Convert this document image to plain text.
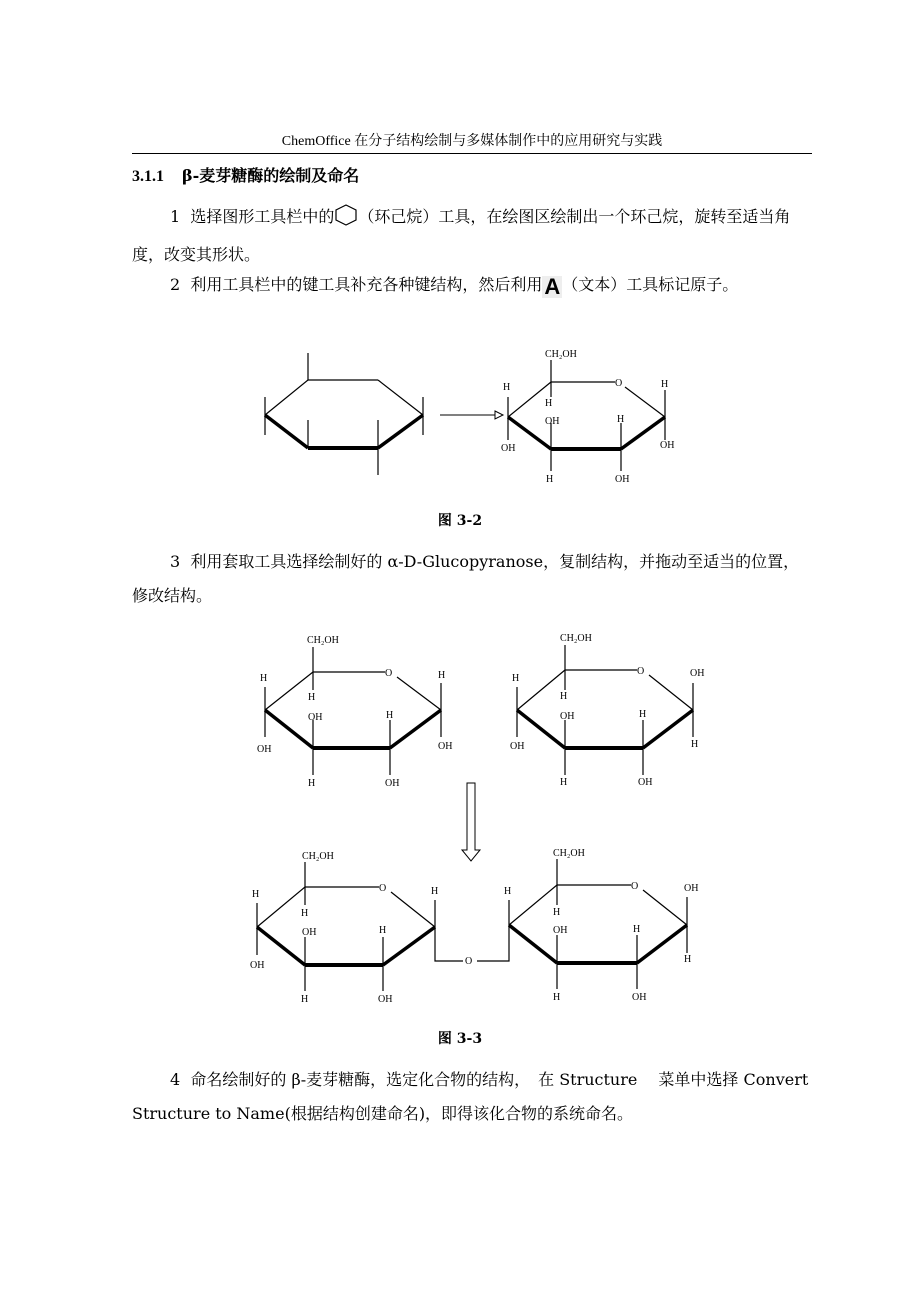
ChemOffice 在分子结构绘制与多媒体制作中的应用研究与实践
3.1.1 β-麦芽糖酶的绘制及命名
1 选择图形工具栏中的 （环己烷）工具，在绘图区绘制出一个环己烷，旋转至适当角度，改变其形状。
2 利用工具栏中的键工具补充各种键结构，然后利用A （文本）工具标记原子。
CH₂OH
O
H
H
OH	H
H
OH	OH
H	OH
图 3-2
3 利用套取工具选择绘制好的 α-D-Glucopyranose，复制结构，并拖动至适当的位置，修改结构。
CH₂OH
O
H
H
OH	H
H
OH	OH
H	OH
CH₂OH
O
H
H
OH	H
OH
OH	H
H	OH
CH₂OH
O
H
H
OH	H
H
OH	O
H	OH
CH₂OH
O
H
H
OH	H
OH
H
H	OH
图 3-3
4 命名绘制好的 β-麦芽糖酶，选定化合物的结构，　在 Structure　 菜单中选择 Convert Structure to Name(根据结构创建命名)，即得该化合物的系统命名。
